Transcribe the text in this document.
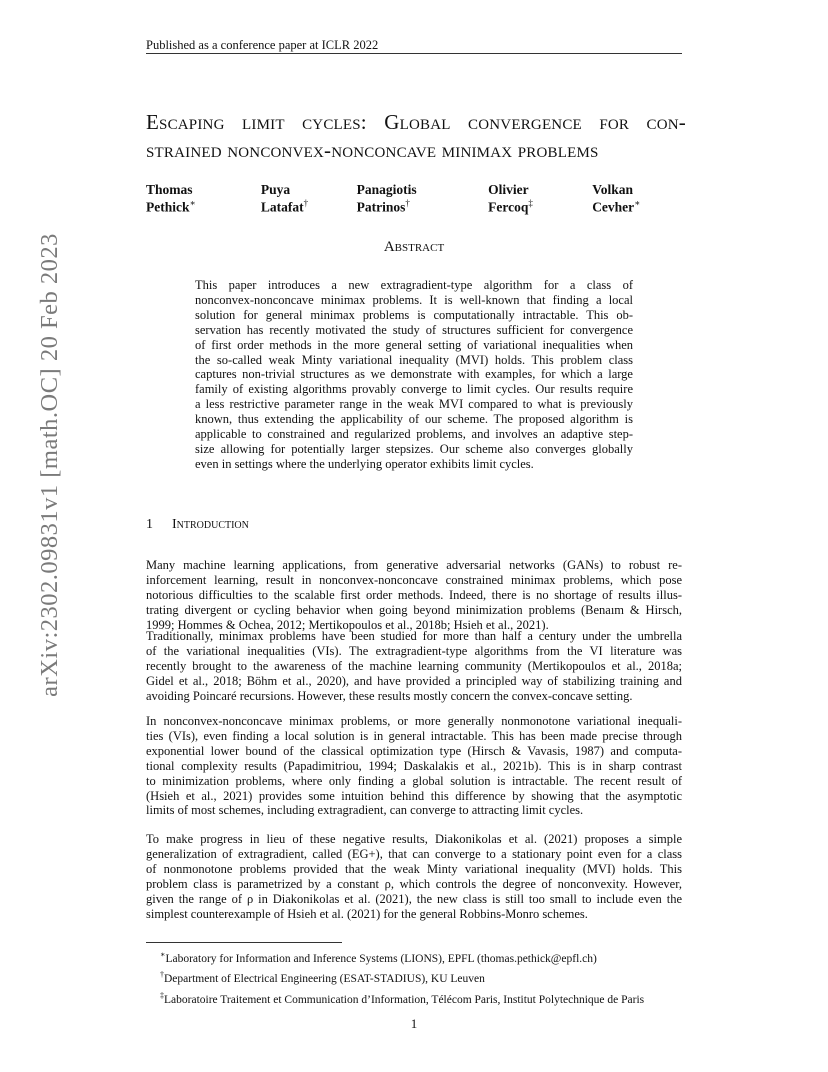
Published as a conference paper at ICLR 2022
arXiv:2302.09831v1 [math.OC] 20 Feb 2023
Escaping limit cycles: Global convergence for con-
strained nonconvex-nonconcave minimax problems
Thomas Pethick∗
Puya Latafat†
Panagiotis Patrinos†
Olivier Fercoq‡
Volkan Cevher∗
Abstract
This paper introduces a new extragradient-type algorithm for a class of
nonconvex-nonconcave minimax problems. It is well-known that finding a local
solution for general minimax problems is computationally intractable. This ob-
servation has recently motivated the study of structures sufficient for convergence
of first order methods in the more general setting of variational inequalities when
the so-called weak Minty variational inequality (MVI) holds. This problem class
captures non-trivial structures as we demonstrate with examples, for which a large
family of existing algorithms provably converge to limit cycles. Our results require
a less restrictive parameter range in the weak MVI compared to what is previously
known, thus extending the applicability of our scheme. The proposed algorithm is
applicable to constrained and regularized problems, and involves an adaptive step-
size allowing for potentially larger stepsizes. Our scheme also converges globally
even in settings where the underlying operator exhibits limit cycles.
1 Introduction
Many machine learning applications, from generative adversarial networks (GANs) to robust re-
inforcement learning, result in nonconvex-nonconcave constrained minimax problems, which pose
notorious difficulties to the scalable first order methods. Indeed, there is no shortage of results illus-
trating divergent or cycling behavior when going beyond minimization problems (Benaım & Hirsch,
1999; Hommes & Ochea, 2012; Mertikopoulos et al., 2018b; Hsieh et al., 2021).
Traditionally, minimax problems have been studied for more than half a century under the umbrella
of the variational inequalities (VIs). The extragradient-type algorithms from the VI literature was
recently brought to the awareness of the machine learning community (Mertikopoulos et al., 2018a;
Gidel et al., 2018; Böhm et al., 2020), and have provided a principled way of stabilizing training and
avoiding Poincaré recursions. However, these results mostly concern the convex-concave setting.
In nonconvex-nonconcave minimax problems, or more generally nonmonotone variational inequali-
ties (VIs), even finding a local solution is in general intractable. This has been made precise through
exponential lower bound of the classical optimization type (Hirsch & Vavasis, 1987) and computa-
tional complexity results (Papadimitriou, 1994; Daskalakis et al., 2021b). This is in sharp contrast
to minimization problems, where only finding a global solution is intractable. The recent result of
(Hsieh et al., 2021) provides some intuition behind this difference by showing that the asymptotic
limits of most schemes, including extragradient, can converge to attracting limit cycles.
To make progress in lieu of these negative results, Diakonikolas et al. (2021) proposes a simple
generalization of extragradient, called (EG+), that can converge to a stationary point even for a class
of nonmonotone problems provided that the weak Minty variational inequality (MVI) holds. This
problem class is parametrized by a constant ρ, which controls the degree of nonconvexity. However,
given the range of ρ in Diakonikolas et al. (2021), the new class is still too small to include even the
simplest counterexample of Hsieh et al. (2021) for the general Robbins-Monro schemes.
∗Laboratory for Information and Inference Systems (LIONS), EPFL (thomas.pethick@epfl.ch)
†Department of Electrical Engineering (ESAT-STADIUS), KU Leuven
‡Laboratoire Traitement et Communication d’Information, Télécom Paris, Institut Polytechnique de Paris
1
